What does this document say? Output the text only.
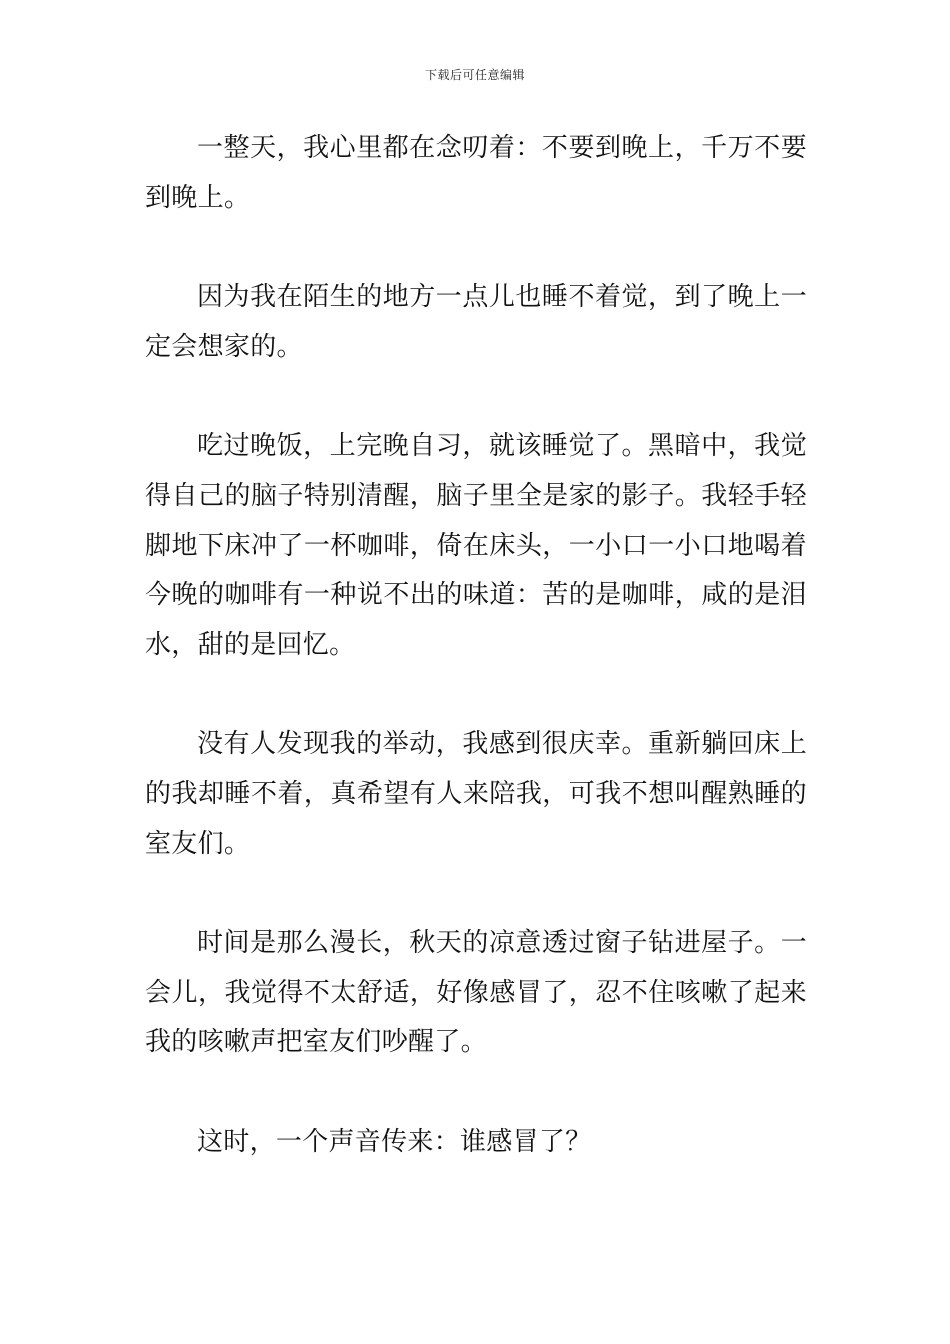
下载后可任意编辑

一整天，我心里都在念叨着：不要到晚上，千万不要到晚上。

因为我在陌生的地方一点儿也睡不着觉，到了晚上一定会想家的。

吃过晚饭，上完晚自习，就该睡觉了。黑暗中，我觉得自己的脑子特别清醒，脑子里全是家的影子。我轻手轻脚地下床冲了一杯咖啡，倚在床头，一小口一小口地喝着今晚的咖啡有一种说不出的味道：苦的是咖啡，咸的是泪水，甜的是回忆。

没有人发现我的举动，我感到很庆幸。重新躺回床上的我却睡不着，真希望有人来陪我，可我不想叫醒熟睡的室友们。

时间是那么漫长，秋天的凉意透过窗子钻进屋子。一会儿，我觉得不太舒适，好像感冒了，忍不住咳嗽了起来我的咳嗽声把室友们吵醒了。

这时，一个声音传来：谁感冒了？
